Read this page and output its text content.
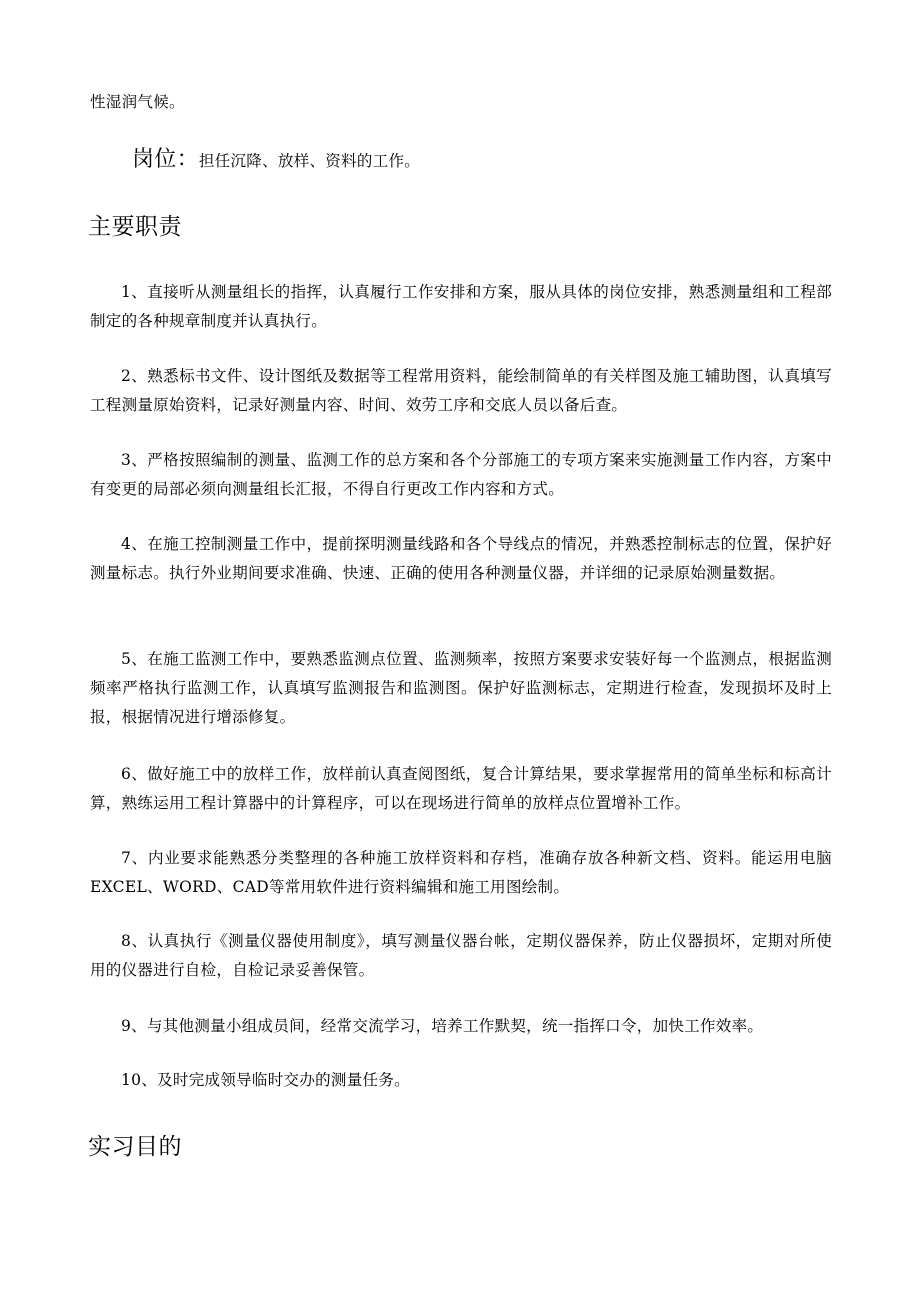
性湿润气候。
岗位：担任沉降、放样、资料的工作。
主要职责
1、直接听从测量组长的指挥，认真履行工作安排和方案，服从具体的岗位安排，熟悉测量组和工程部制定的各种规章制度并认真执行。
2、熟悉标书文件、设计图纸及数据等工程常用资料，能绘制简单的有关样图及施工辅助图，认真填写工程测量原始资料，记录好测量内容、时间、效劳工序和交底人员以备后查。
3、严格按照编制的测量、监测工作的总方案和各个分部施工的专项方案来实施测量工作内容，方案中有变更的局部必须向测量组长汇报，不得自行更改工作内容和方式。
4、在施工控制测量工作中，提前探明测量线路和各个导线点的情况，并熟悉控制标志的位置，保护好测量标志。执行外业期间要求准确、快速、正确的使用各种测量仪器，并详细的记录原始测量数据。
5、在施工监测工作中，要熟悉监测点位置、监测频率，按照方案要求安装好每一个监测点，根据监测频率严格执行监测工作，认真填写监测报告和监测图。保护好监测标志，定期进行检查，发现损坏及时上报，根据情况进行增添修复。
6、做好施工中的放样工作，放样前认真查阅图纸，复合计算结果，要求掌握常用的简单坐标和标高计算，熟练运用工程计算器中的计算程序，可以在现场进行简单的放样点位置增补工作。
7、内业要求能熟悉分类整理的各种施工放样资料和存档，准确存放各种新文档、资料。能运用电脑EXCEL、WORD、CAD等常用软件进行资料编辑和施工用图绘制。
8、认真执行《测量仪器使用制度》，填写测量仪器台帐，定期仪器保养，防止仪器损坏，定期对所使用的仪器进行自检，自检记录妥善保管。
9、与其他测量小组成员间，经常交流学习，培养工作默契，统一指挥口令，加快工作效率。
10、及时完成领导临时交办的测量任务。
实习目的
